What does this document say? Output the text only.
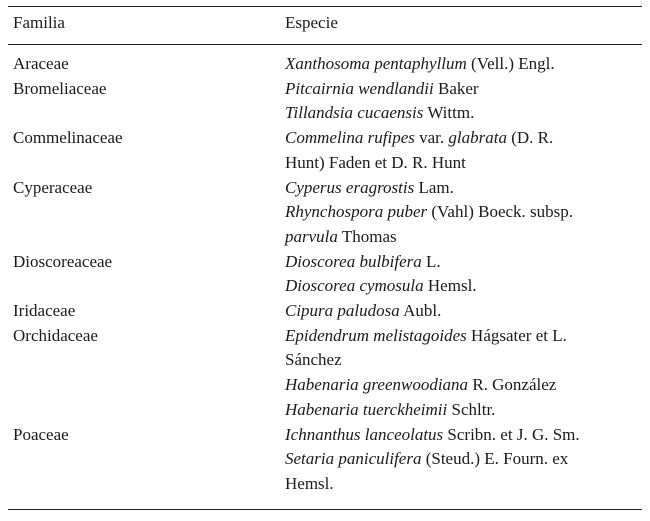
Familia	Especie
Araceae	Xanthosoma pentaphyllum (Vell.) Engl.
Bromeliaceae	Pitcairnia wendlandii Baker
Tillandsia cucaensis Wittm.
Commelinaceae	Commelina rufipes var. glabrata (D. R.
Hunt) Faden et D. R. Hunt
Cyperaceae	Cyperus eragrostis Lam.
Rhynchospora puber (Vahl) Boeck. subsp.
parvula Thomas
Dioscoreaceae	Dioscorea bulbifera L.
Dioscorea cymosula Hemsl.
Iridaceae	Cipura paludosa Aubl.
Orchidaceae	Epidendrum melistagoides Hágsater et L.
Sánchez
Habenaria greenwoodiana R. González
Habenaria tuerckheimii Schltr.
Poaceae	Ichnanthus lanceolatus Scribn. et J. G. Sm.
Setaria paniculifera (Steud.) E. Fourn. ex
Hemsl.
